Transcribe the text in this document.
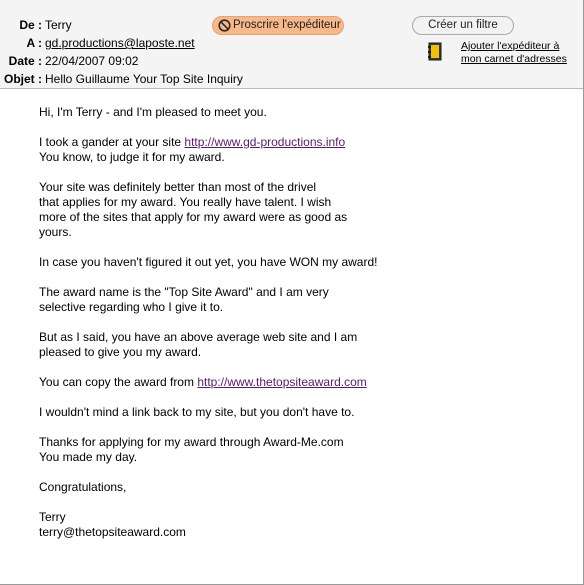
De : Terry
A : gd.productions@laposte.net
Date : 22/04/2007 09:02
Objet : Hello Guillaume Your Top Site Inquiry
Proscrire l'expéditeur	Créer un filtre
Ajouter l'expéditeur à
mon carnet d'adresses

Hi, I'm Terry - and I'm pleased to meet you.

I took a gander at your site http://www.gd-productions.info
You know, to judge it for my award.

Your site was definitely better than most of the drivel
that applies for my award. You really have talent. I wish
more of the sites that apply for my award were as good as
yours.

In case you haven't figured it out yet, you have WON my award!

The award name is the "Top Site Award" and I am very
selective regarding who I give it to.

But as I said, you have an above average web site and I am
pleased to give you my award.

You can copy the award from http://www.thetopsiteaward.com

I wouldn't mind a link back to my site, but you don't have to.

Thanks for applying for my award through Award-Me.com
You made my day.

Congratulations,

Terry
terry@thetopsiteaward.com
